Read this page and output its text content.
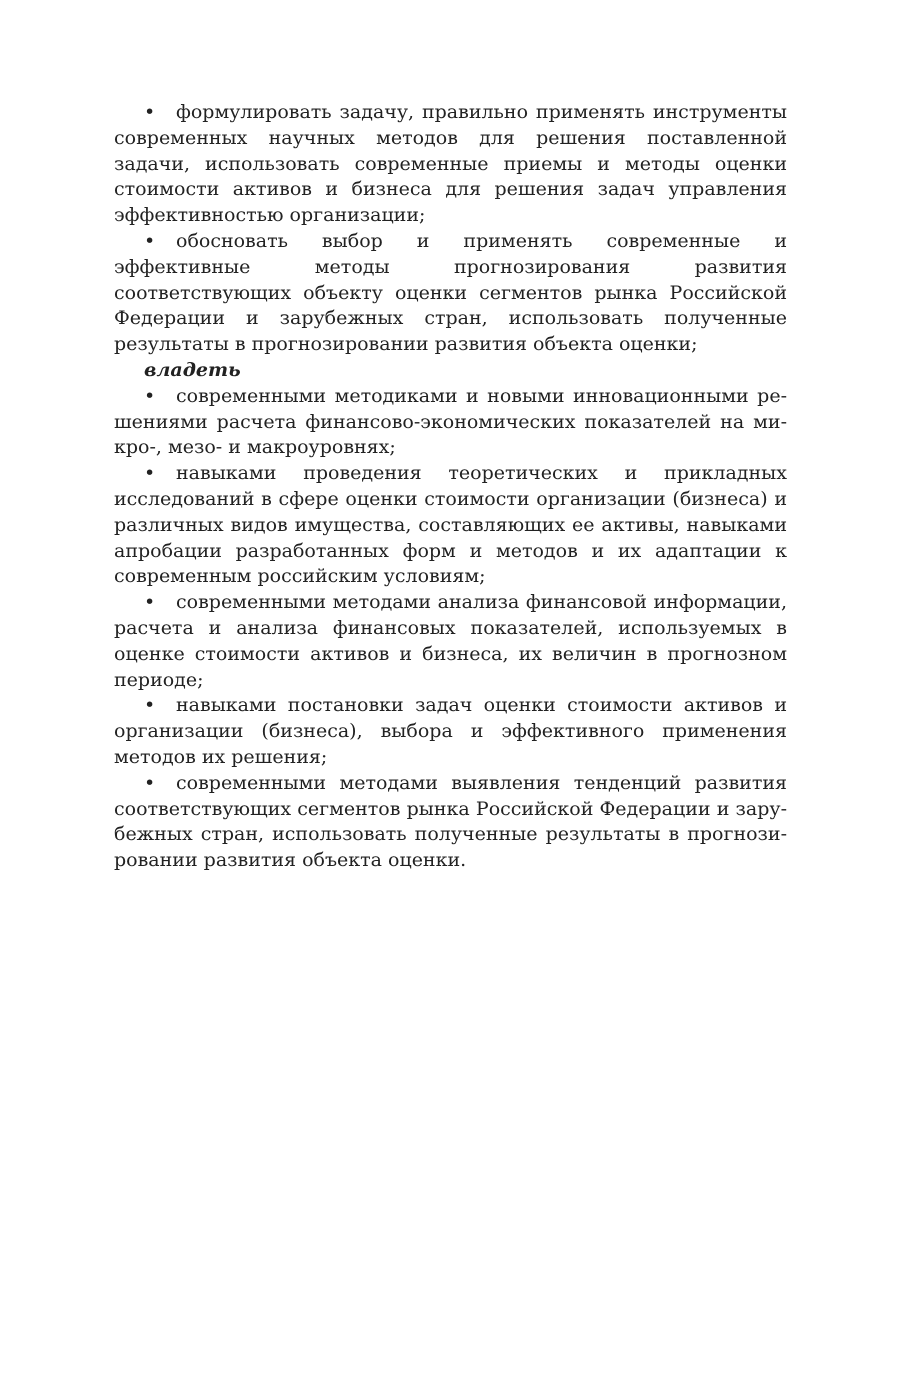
• формулировать задачу, правильно применять инструменты современных научных методов для решения поставленной задачи, использовать современные приемы и методы оценки стоимости активов и бизнеса для решения задач управления эффективностью организации;

• обосновать выбор и применять современные и эффективные методы прогнозирования развития соответствующих объекту оценки сегментов рынка Российской Федерации и зарубежных стран, использовать полученные результаты в прогнозировании развития объекта оценки;

владеть

• современными методиками и новыми инновационными решениями расчета финансово-экономических показателей на микро-, мезо- и макроуровнях;

• навыками проведения теоретических и прикладных исследований в сфере оценки стоимости организации (бизнеса) и различных видов имущества, составляющих ее активы, навыками апробации разработанных форм и методов и их адаптации к современным российским условиям;

• современными методами анализа финансовой информации, расчета и анализа финансовых показателей, используемых в оценке стоимости активов и бизнеса, их величин в прогнозном периоде;

• навыками постановки задач оценки стоимости активов и организации (бизнеса), выбора и эффективного применения методов их решения;

• современными методами выявления тенденций развития соответствующих сегментов рынка Российской Федерации и зарубежных стран, использовать полученные результаты в прогнозировании развития объекта оценки.
